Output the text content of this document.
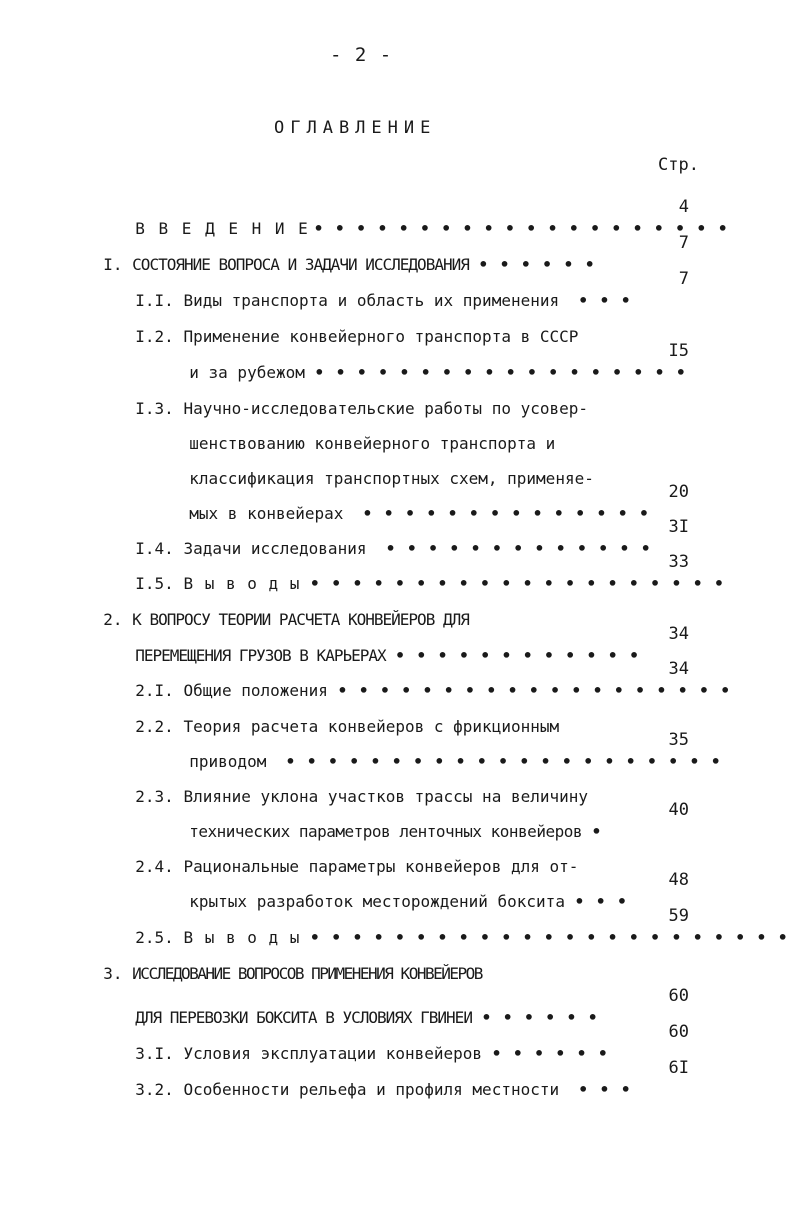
- 2 -
ОГЛАВЛЕНИЕ
Стр.

В В Е Д Е Н И Е • • • • • • • • • • • • • • • • • • • •

4

I. СОСТОЯНИЕ ВОПРОСА И ЗАДАЧИ ИССЛЕДОВАНИЯ • • • • • •

7

I.I. Виды транспорта и область их применения • • •

7

I.2. Применение конвейерного транспорта в СССР

и за рубежом • • • • • • • • • • • • • • • • • •

I5

I.3. Научно-исследовательские работы по усовер-

шенствованию конвейерного транспорта и

классификация транспортных схем, применяе-

мых в конвейерах • • • • • • • • • • • • • •

20

I.4. Задачи исследования • • • • • • • • • • • • •

3I

I.5. В ы в о д ы • • • • • • • • • • • • • • • • • • • •

33

2. К ВОПРОСУ ТЕОРИИ РАСЧЕТА КОНВЕЙЕРОВ ДЛЯ

ПЕРЕМЕЩЕНИЯ ГРУЗОВ В КАРЬЕРАХ • • • • • • • • • • • •

34

2.I. Общие положения • • • • • • • • • • • • • • • • • • •

34

2.2. Теория расчета конвейеров с фрикционным

приводом • • • • • • • • • • • • • • • • • • • • •

35

2.3. Влияние уклона участков трассы на величину

технических параметров ленточных конвейеров •

40

2.4. Рациональные параметры конвейеров для от-

крытых разработок месторождений боксита • • •

48

2.5. В ы в о д ы • • • • • • • • • • • • • • • • • • • • • • •

59

3. ИССЛЕДОВАНИЕ ВОПРОСОВ ПРИМЕНЕНИЯ КОНВЕЙЕРОВ

ДЛЯ ПЕРЕВОЗКИ БОКСИТА В УСЛОВИЯХ ГВИНЕИ • • • • • •

60

3.I. Условия эксплуатации конвейеров • • • • • •

60

3.2. Особенности рельефа и профиля местности • • •

6I
